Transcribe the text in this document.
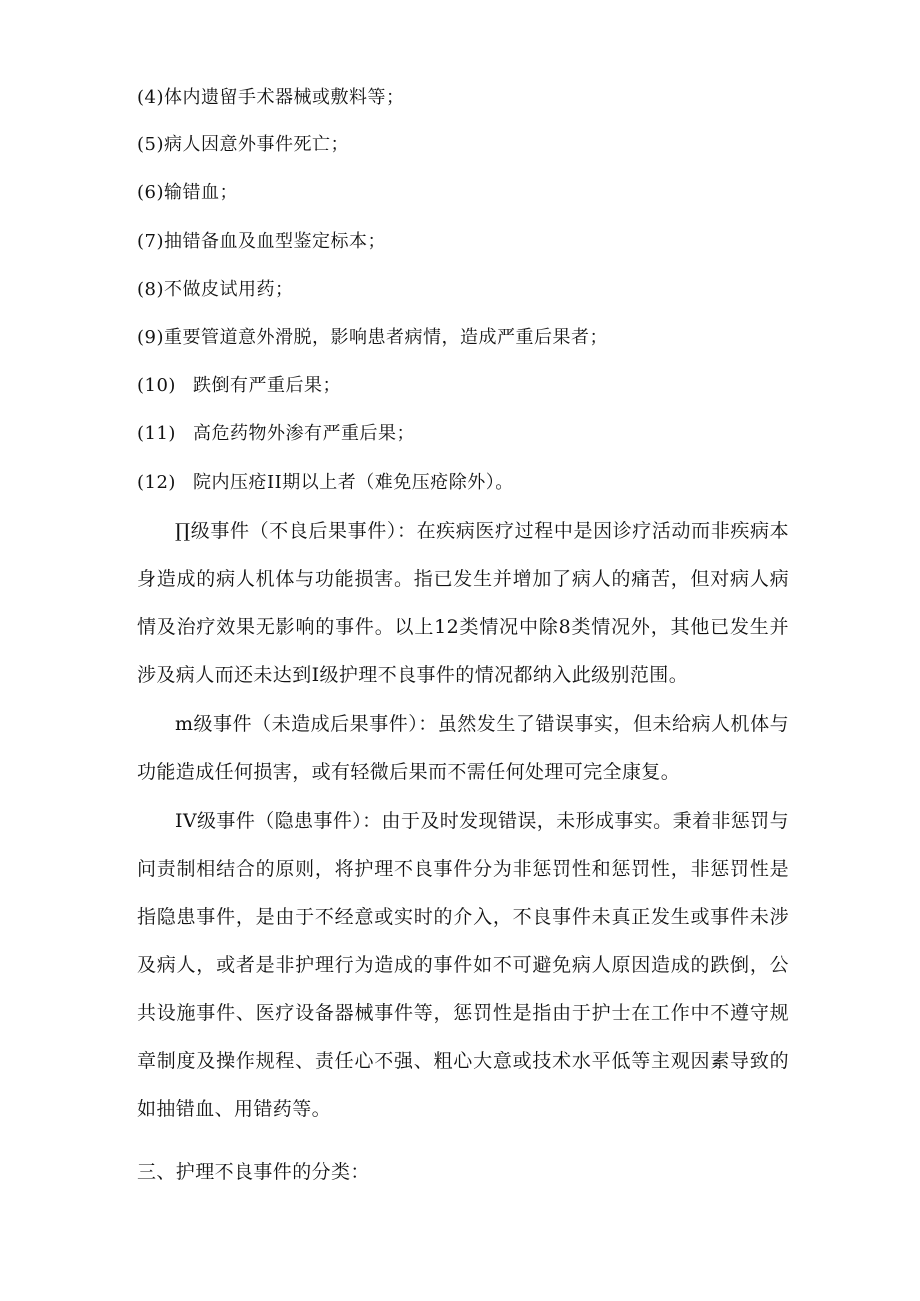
(4)体内遗留手术器械或敷料等；
(5)病人因意外事件死亡；
(6)输错血；
(7)抽错备血及血型鉴定标本；
(8)不做皮试用药；
(9)重要管道意外滑脱，影响患者病情，造成严重后果者；
(10) 跌倒有严重后果；
(11) 高危药物外渗有严重后果；
(12) 院内压疮II期以上者（难免压疮除外）。

∏级事件（不良后果事件）：在疾病医疗过程中是因诊疗活动而非疾病本身造成的病人机体与功能损害。指已发生并增加了病人的痛苦，但对病人病情及治疗效果无影响的事件。以上12类情况中除8类情况外，其他已发生并涉及病人而还未达到I级护理不良事件的情况都纳入此级别范围。

m级事件（未造成后果事件）：虽然发生了错误事实，但未给病人机体与功能造成任何损害，或有轻微后果而不需任何处理可完全康复。

IV级事件（隐患事件）：由于及时发现错误，未形成事实。秉着非惩罚与问责制相结合的原则，将护理不良事件分为非惩罚性和惩罚性，非惩罚性是指隐患事件，是由于不经意或实时的介入，不良事件未真正发生或事件未涉及病人，或者是非护理行为造成的事件如不可避免病人原因造成的跌倒，公共设施事件、医疗设备器械事件等，惩罚性是指由于护士在工作中不遵守规章制度及操作规程、责任心不强、粗心大意或技术水平低等主观因素导致的如抽错血、用错药等。

三、护理不良事件的分类：
